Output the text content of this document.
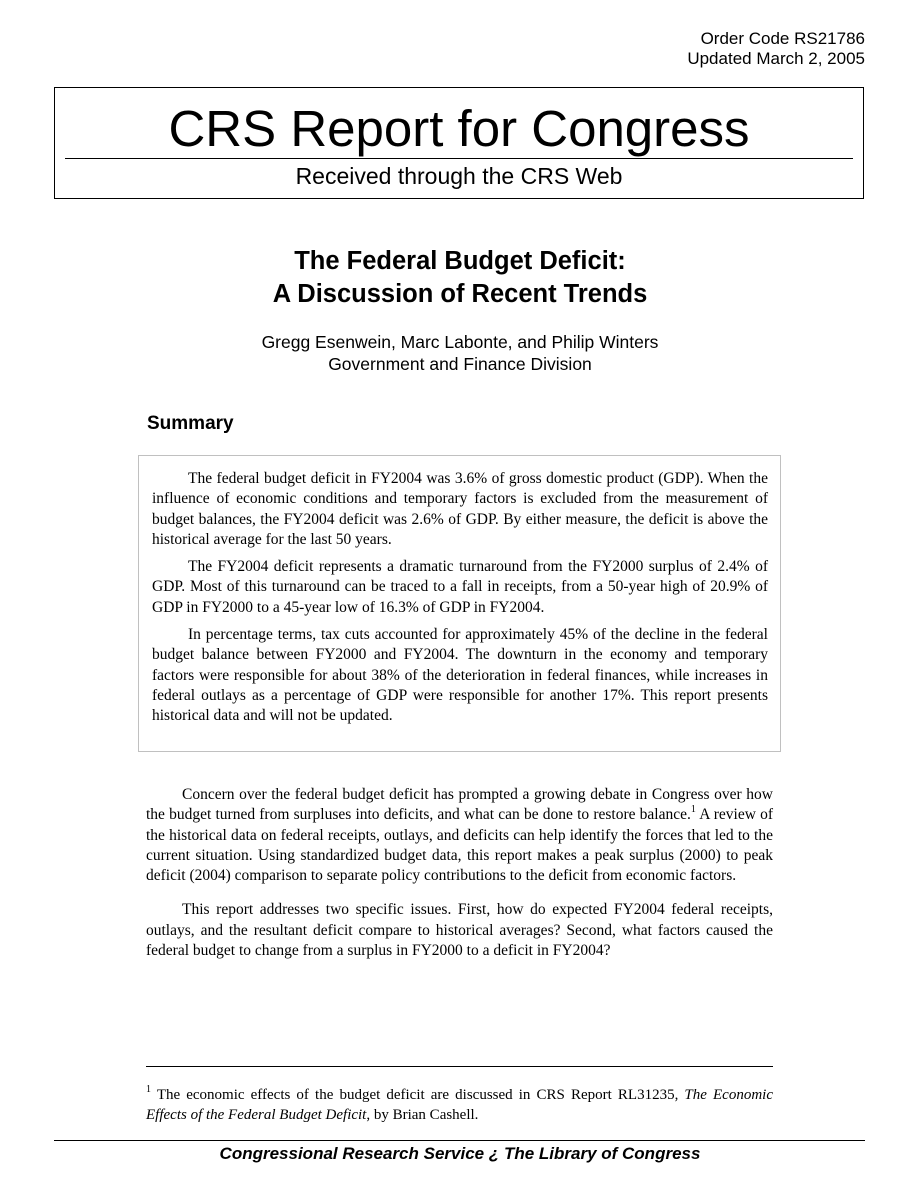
Order Code RS21786
Updated March 2, 2005
CRS Report for Congress
Received through the CRS Web
The Federal Budget Deficit:
A Discussion of Recent Trends
Gregg Esenwein, Marc Labonte, and Philip Winters
Government and Finance Division
Summary

The federal budget deficit in FY2004 was 3.6% of gross domestic product (GDP). When the influence of economic conditions and temporary factors is excluded from the measurement of budget balances, the FY2004 deficit was 2.6% of GDP. By either measure, the deficit is above the historical average for the last 50 years.

The FY2004 deficit represents a dramatic turnaround from the FY2000 surplus of 2.4% of GDP. Most of this turnaround can be traced to a fall in receipts, from a 50-year high of 20.9% of GDP in FY2000 to a 45-year low of 16.3% of GDP in FY2004.

In percentage terms, tax cuts accounted for approximately 45% of the decline in the federal budget balance between FY2000 and FY2004. The downturn in the economy and temporary factors were responsible for about 38% of the deterioration in federal finances, while increases in federal outlays as a percentage of GDP were responsible for another 17%. This report presents historical data and will not be updated.

Concern over the federal budget deficit has prompted a growing debate in Congress over how the budget turned from surpluses into deficits, and what can be done to restore balance.$^1$ A review of the historical data on federal receipts, outlays, and deficits can help identify the forces that led to the current situation. Using standardized budget data, this report makes a peak surplus (2000) to peak deficit (2004) comparison to separate policy contributions to the deficit from economic factors.

This report addresses two specific issues. First, how do expected FY2004 federal receipts, outlays, and the resultant deficit compare to historical averages? Second, what factors caused the federal budget to change from a surplus in FY2000 to a deficit in FY2004?

$^1$ The economic effects of the budget deficit are discussed in CRS Report RL31235, The Economic Effects of the Federal Budget Deficit, by Brian Cashell.
Congressional Research Service ¿ The Library of Congress
